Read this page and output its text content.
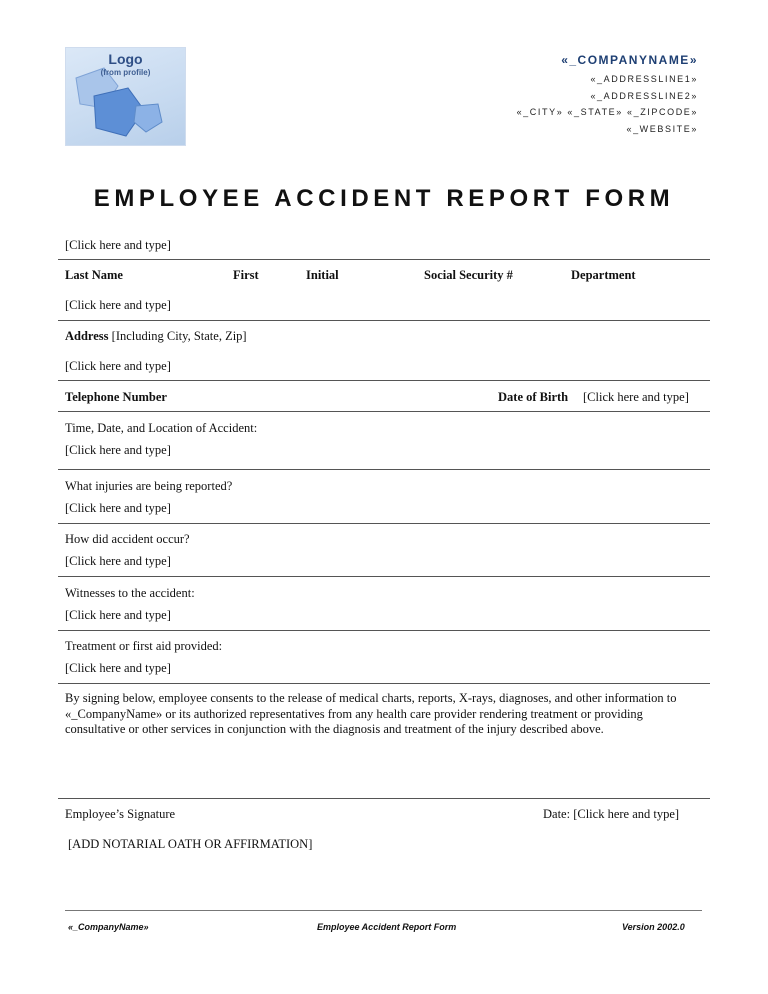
Logo
(from profile)
«_COMPANYNAME»
«_ADDRESSLINE1»
«_ADDRESSLINE2»
«_CITY» «_STATE» «_ZIPCODE»
«_WEBSITE»
EMPLOYEE ACCIDENT REPORT FORM
[Click here and type]
Last Name	First	Initial	Social Security #	Department
[Click here and type]
Address [Including City, State, Zip]
[Click here and type]
Telephone Number	Date of Birth [Click here and type]
Time, Date, and Location of Accident:
[Click here and type]
What injuries are being reported?
[Click here and type]
How did accident occur?
[Click here and type]
Witnesses to the accident:
[Click here and type]
Treatment or first aid provided:
[Click here and type]
By signing below, employee consents to the release of medical charts, reports, X-rays, diagnoses, and other information to «_CompanyName» or its authorized representatives from any health care provider rendering treatment or providing consultative or other services in conjunction with the diagnosis and treatment of the injury described above.
Employee’s Signature	Date: [Click here and type]
[ADD NOTARIAL OATH OR AFFIRMATION]
«_CompanyName»	Employee Accident Report Form	Version 2002.0
